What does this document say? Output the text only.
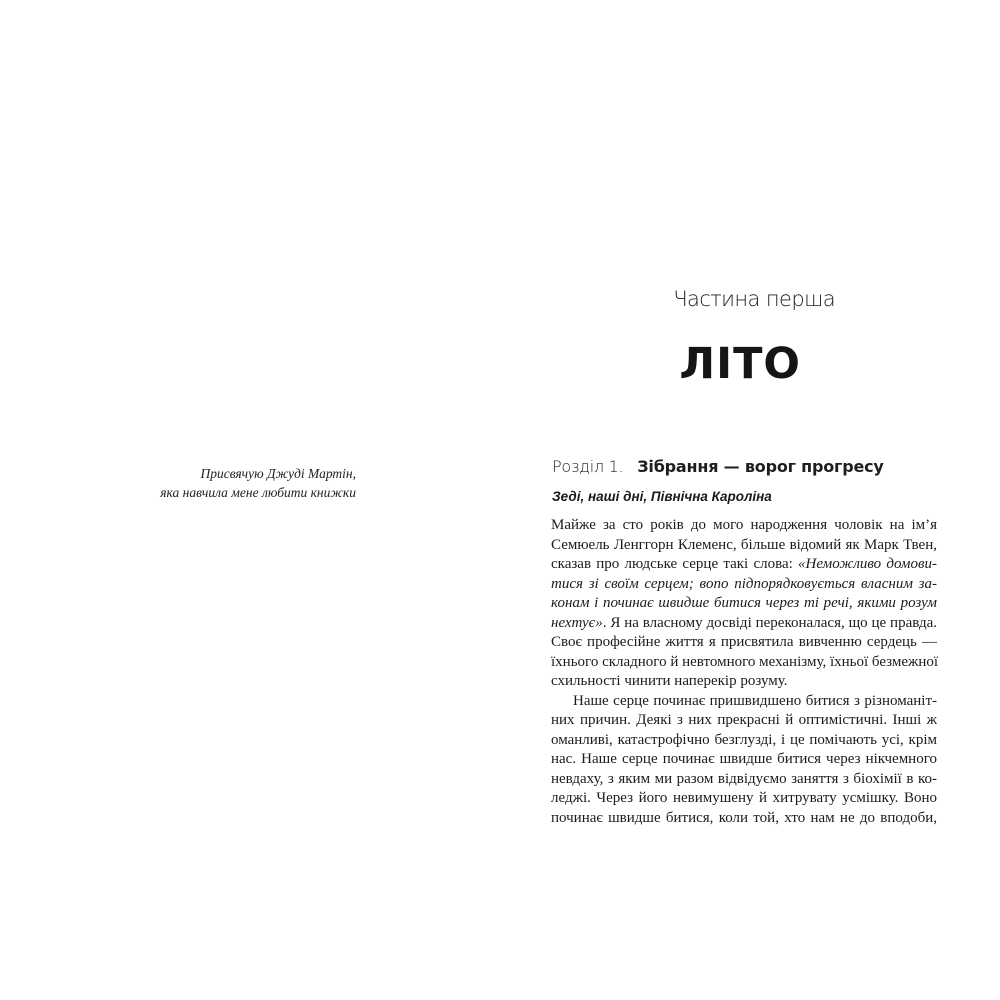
Присвячую Джуді Мартін,
яка навчила мене любити книжки
Частина перша
ЛІТО
Розділ 1. Зібрання — ворог прогресу
Зеді, наші дні, Північна Кароліна
Майже за сто років до мого народження чоловік на ім’я
Семюель Ленггорн Клеменс, більше відомий як Марк Твен,
сказав про людське серце такі слова: «Неможливо домови-
тися зі своїм серцем; вono підпорядковується власним за-
конам і починає швидше битися через ті речі, якими розум
нехтує». Я на власному досвіді переконалася, що це правда.
Своє професійне життя я присвятила вивченню сердець —
їхнього складного й невтомного механізму, їхньої безмежної
схильності чинити наперекір розуму.
Наше серце починає пришвидшено битися з різноманіт-
них причин. Деякі з них прекрасні й оптимістичні. Інші ж
оманливі, катастрофічно безглузді, і це помічають усі, крім
нас. Наше серце починає швидше битися через нікчемного
невдаху, з яким ми разом відвідуємо заняття з біохімії в ко-
леджі. Через його невимушену й хитрувату усмішку. Воно
починає швидше битися, коли той, хто нам не до вподоби,
